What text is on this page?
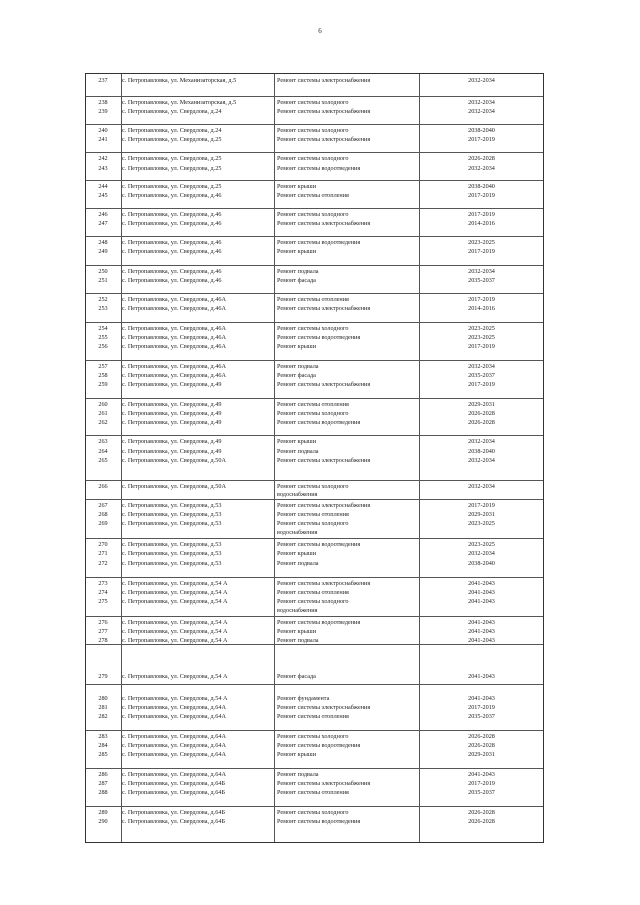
6
237	с. Петропавловка, ул. Механизаторская, д.5	Ремонт системы электроснабжения	2032-2034
238	с. Петропавловка, ул. Механизаторская, д.5	Ремонт системы холодного	2032-2034
239	с. Петропавловка, ул. Свердлова, д.24	Ремонт системы электроснабжения	2032-2034
240	с. Петропавловка, ул. Свердлова, д.24	Ремонт системы холодного	2038-2040
241	с. Петропавловка, ул. Свердлова, д.25	Ремонт системы электроснабжения	2017-2019
242	с. Петропавловка, ул. Свердлова, д.25	Ремонт системы холодного	2026-2028
243	с. Петропавловка, ул. Свердлова, д.25	Ремонт системы водоотведения	2032-2034
244	с. Петропавловка, ул. Свердлова, д.25	Ремонт крыши	2038-2040
245	с. Петропавловка, ул. Свердлова, д.46	Ремонт системы отопления	2017-2019
246	с. Петропавловка, ул. Свердлова, д.46	Ремонт системы холодного	2017-2019
247	с. Петропавловка, ул. Свердлова, д.46	Ремонт системы электроснабжения	2014-2016
248	с. Петропавловка, ул. Свердлова, д.46	Ремонт системы водоотведения	2023-2025
249	с. Петропавловка, ул. Свердлова, д.46	Ремонт крыши	2017-2019
250	с. Петропавловка, ул. Свердлова, д.46	Ремонт подвала	2032-2034
251	с. Петропавловка, ул. Свердлова, д.46	Ремонт фасада	2035-2037
252	с. Петропавловка, ул. Свердлова, д.46А	Ремонт системы отопления	2017-2019
253	с. Петропавловка, ул. Свердлова, д.46А	Ремонт системы электроснабжения	2014-2016
254	с. Петропавловка, ул. Свердлова, д.46А	Ремонт системы холодного	2023-2025
255	с. Петропавловка, ул. Свердлова, д.46А	Ремонт системы водоотведения	2023-2025
256	с. Петропавловка, ул. Свердлова, д.46А	Ремонт крыши	2017-2019
257	с. Петропавловка, ул. Свердлова, д.46А	Ремонт подвала	2032-2034
258	с. Петропавловка, ул. Свердлова, д.46А	Ремонт фасада	2035-2037
259	с. Петропавловка, ул. Свердлова, д.49	Ремонт системы электроснабжения	2017-2019
260	с. Петропавловка, ул. Свердлова, д.49	Ремонт системы отопления	2029-2031
261	с. Петропавловка, ул. Свердлова, д.49	Ремонт системы холодного	2026-2028
262	с. Петропавловка, ул. Свердлова, д.49	Ремонт системы водоотведения	2026-2028
263	с. Петропавловка, ул. Свердлова, д.49	Ремонт крыши	2032-2034
264	с. Петропавловка, ул. Свердлова, д.49	Ремонт подвала	2038-2040
265	с. Петропавловка, ул. Свердлова, д.50А	Ремонт системы электроснабжения	2032-2034
266	с. Петропавловка, ул. Свердлова, д.50А	Ремонт системы холодного	2032-2034
водоснабжения
267	с. Петропавловка, ул. Свердлова, д.53	Ремонт системы электроснабжения	2017-2019
268	с. Петропавловка, ул. Свердлова, д.53	Ремонт системы отопления	2029-2031
269	с. Петропавловка, ул. Свердлова, д.53	Ремонт системы холодного	2023-2025
водоснабжения
270	с. Петропавловка, ул. Свердлова, д.53	Ремонт системы водоотведения	2023-2025
271	с. Петропавловка, ул. Свердлова, д.53	Ремонт крыши	2032-2034
272	с. Петропавловка, ул. Свердлова, д.53	Ремонт подвала	2038-2040
273	с. Петропавловка, ул. Свердлова, д.54 А	Ремонт системы электроснабжения	2041-2043
274	с. Петропавловка, ул. Свердлова, д.54 А	Ремонт системы отопления	2041-2043
275	с. Петропавловка, ул. Свердлова, д.54 А	Ремонт системы холодного	2041-2043
водоснабжения
276	с. Петропавловка, ул. Свердлова, д.54 А	Ремонт системы водоотведения	2041-2043
277	с. Петропавловка, ул. Свердлова, д.54 А	Ремонт крыши	2041-2043
278	с. Петропавловка, ул. Свердлова, д.54 А	Ремонт подвала	2041-2043
279	с. Петропавловка, ул. Свердлова, д.54 А	Ремонт фасада	2041-2043
280	с. Петропавловка, ул. Свердлова, д.54 А	Ремонт фундамента	2041-2043
281	с. Петропавловка, ул. Свердлова, д.64А	Ремонт системы электроснабжения	2017-2019
282	с. Петропавловка, ул. Свердлова, д.64А	Ремонт системы отопления	2035-2037
283	с. Петропавловка, ул. Свердлова, д.64А	Ремонт системы холодного	2026-2028
284	с. Петропавловка, ул. Свердлова, д.64А	Ремонт системы водоотведения	2026-2028
285	с. Петропавловка, ул. Свердлова, д.64А	Ремонт крыши	2029-2031
286	с. Петропавловка, ул. Свердлова, д.64А	Ремонт подвала	2041-2043
287	с. Петропавловка, ул. Свердлова, д.64Б	Ремонт системы электроснабжения	2017-2019
288	с. Петропавловка, ул. Свердлова, д.64Б	Ремонт системы отопления	2035-2037
289	с. Петропавловка, ул. Свердлова, д.64Б	Ремонт системы холодного	2026-2028
290	с. Петропавловка, ул. Свердлова, д.64Б	Ремонт системы водоотведения	2026-2028
